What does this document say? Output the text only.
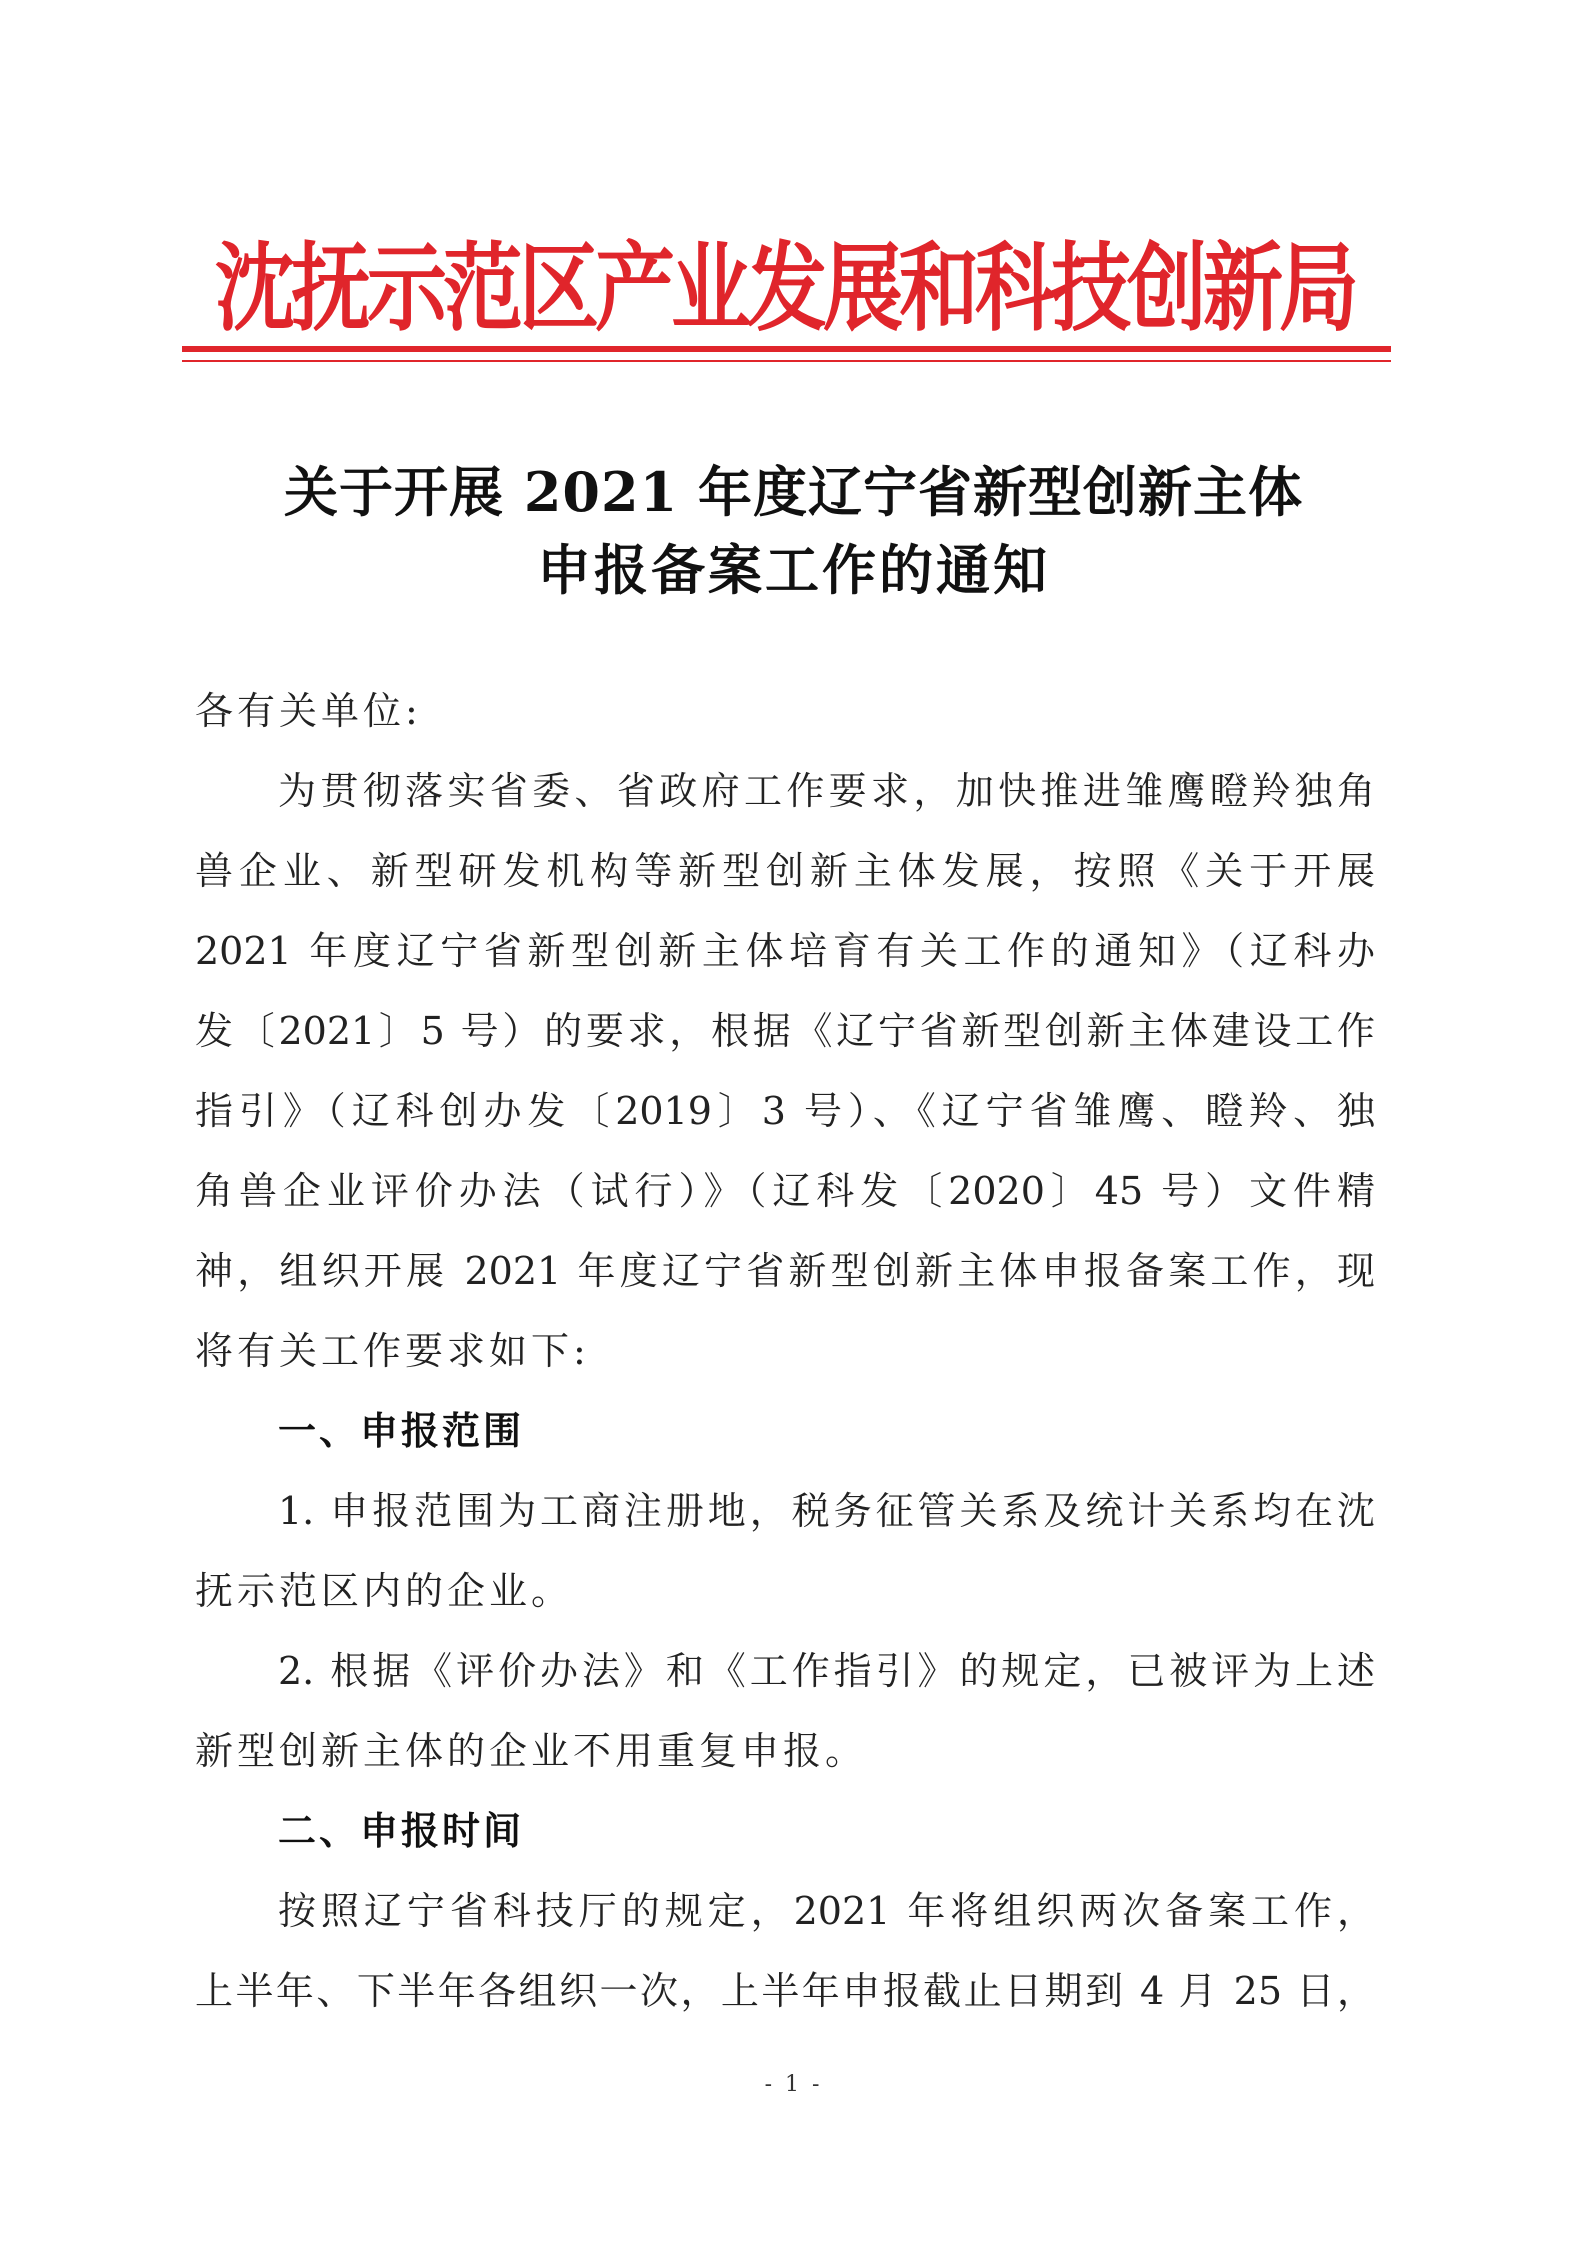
沈抚示范区产业发展和科技创新局
关于开展 2021 年度辽宁省新型创新主体
申报备案工作的通知
各有关单位:
为贯彻落实省委、省政府工作要求，加快推进雏鹰瞪羚独角
兽企业、新型研发机构等新型创新主体发展，按照《关于开展
2021 年度辽宁省新型创新主体培育有关工作的通知》（辽科办
发〔2021〕5 号）的要求，根据《辽宁省新型创新主体建设工作
指引》（辽科创办发〔2019〕3 号）、《辽宁省雏鹰、瞪羚、独
角兽企业评价办法（试行）》（辽科发〔2020〕45 号）文件精
神，组织开展 2021 年度辽宁省新型创新主体申报备案工作，现
将有关工作要求如下:
一、申报范围
1. 申报范围为工商注册地，税务征管关系及统计关系均在沈
抚示范区内的企业。
2. 根据《评价办法》和《工作指引》的规定，已被评为上述
新型创新主体的企业不用重复申报。
二、申报时间
按照辽宁省科技厅的规定，2021 年将组织两次备案工作，
上半年、下半年各组织一次，上半年申报截止日期到 4 月 25 日，
- 1 -
